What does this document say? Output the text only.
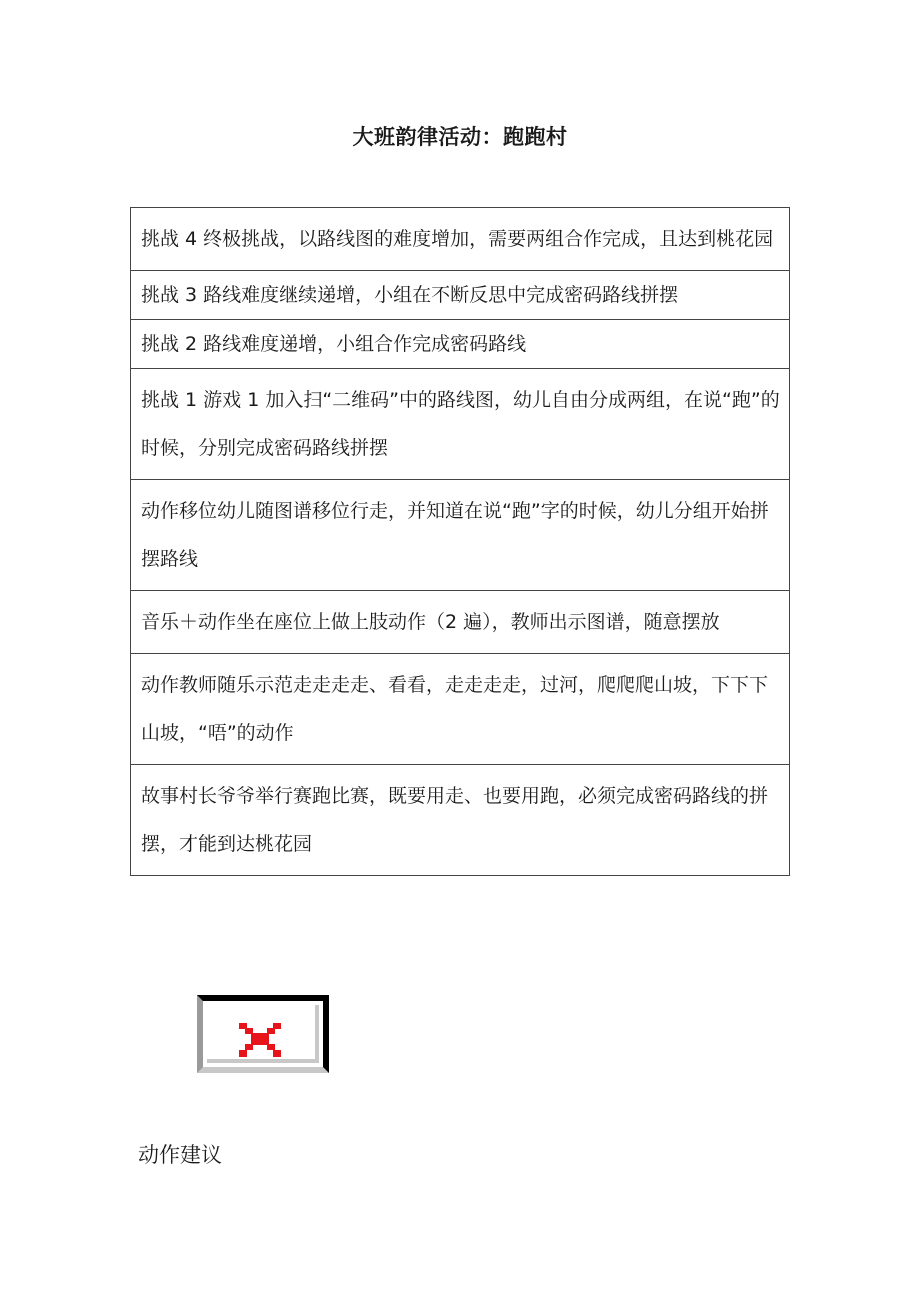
大班韵律活动：跑跑村
挑战 4 终极挑战，以路线图的难度增加，需要两组合作完成，且达到桃花园
挑战 3 路线难度继续递增，小组在不断反思中完成密码路线拼摆
挑战 2 路线难度递增，小组合作完成密码路线
挑战 1 游戏 1 加入扫“二维码”中的路线图，幼儿自由分成两组，在说“跑”的时候，分别完成密码路线拼摆
动作移位幼儿随图谱移位行走，并知道在说“跑”字的时候，幼儿分组开始拼摆路线
音乐＋动作坐在座位上做上肢动作（2 遍），教师出示图谱，随意摆放
动作教师随乐示范走走走走、看看，走走走走，过河，爬爬爬山坡，下下下山坡，“唔”的动作
故事村长爷爷举行赛跑比赛，既要用走、也要用跑，必须完成密码路线的拼摆，才能到达桃花园
动作建议
